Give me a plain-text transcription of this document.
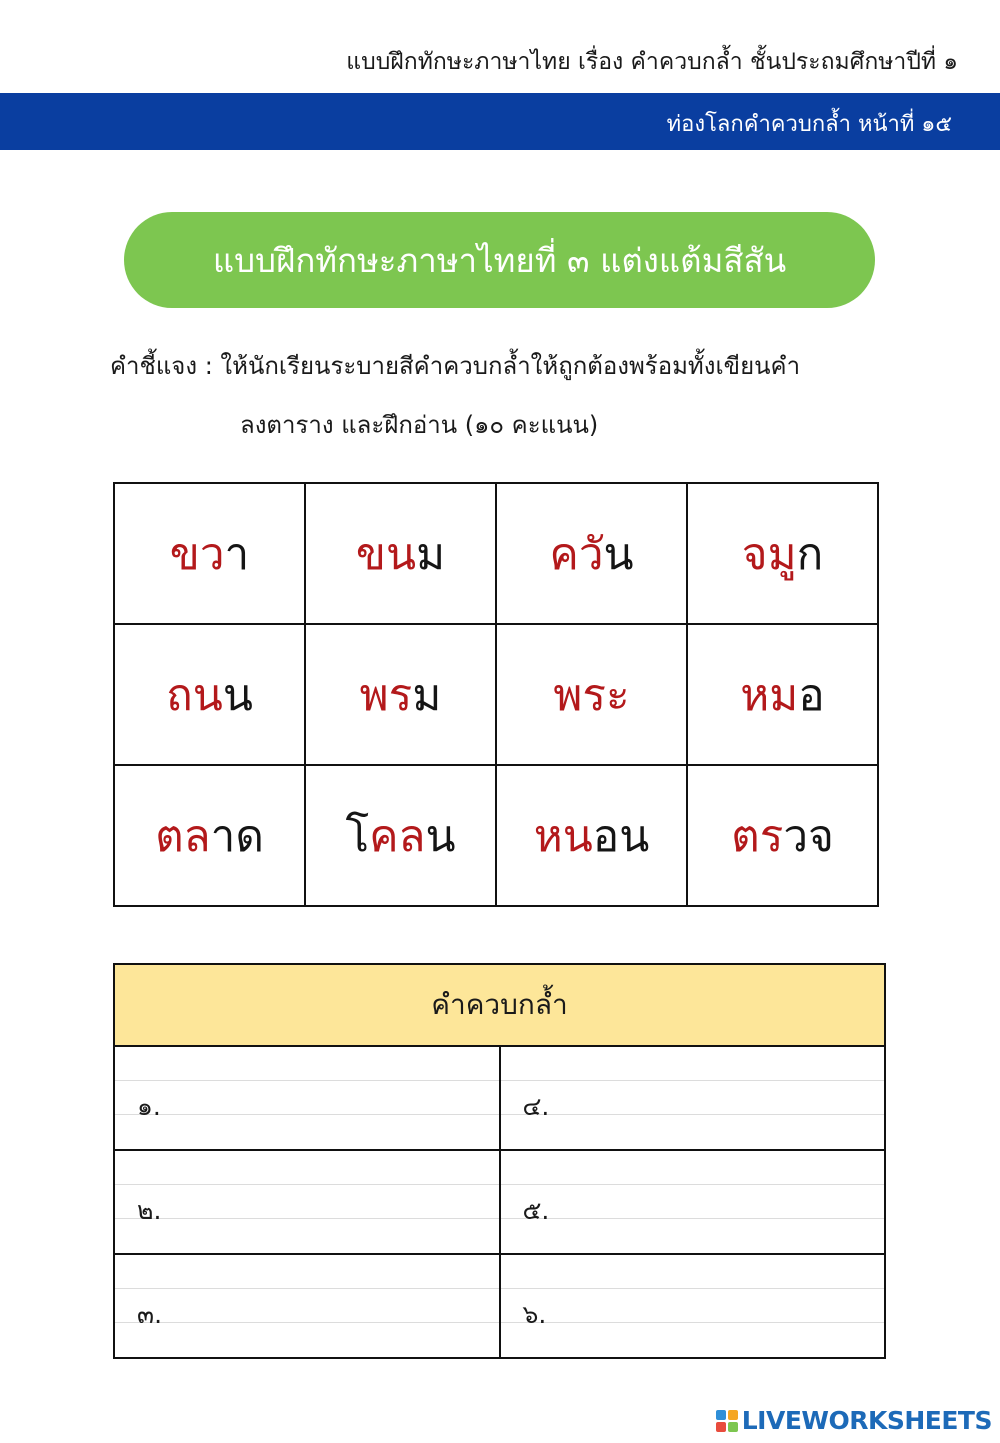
แบบฝึกทักษะภาษาไทย เรื่อง คำควบกล้ำ ชั้นประถมศึกษาปีที่ ๑
ท่องโลกคำควบกล้ำ หน้าที่ ๑๕
แบบฝึกทักษะภาษาไทยที่ ๓ แต่งแต้มสีสัน
คำชี้แจง : ให้นักเรียนระบายสีคำควบกล้ำให้ถูกต้องพร้อมทั้งเขียนคำ
ลงตาราง และฝึกอ่าน (๑๐ คะแนน)
ขวา	ขนม	ควัน	จมูก
ถนน	พรม	พระ	หมอ
ตลาด	โคลน	หนอน	ตรวจ
คำควบกล้ำ	

๑.	๔.

๒.	๕.

๓.	๖.
LIVEWORKSHEETS
